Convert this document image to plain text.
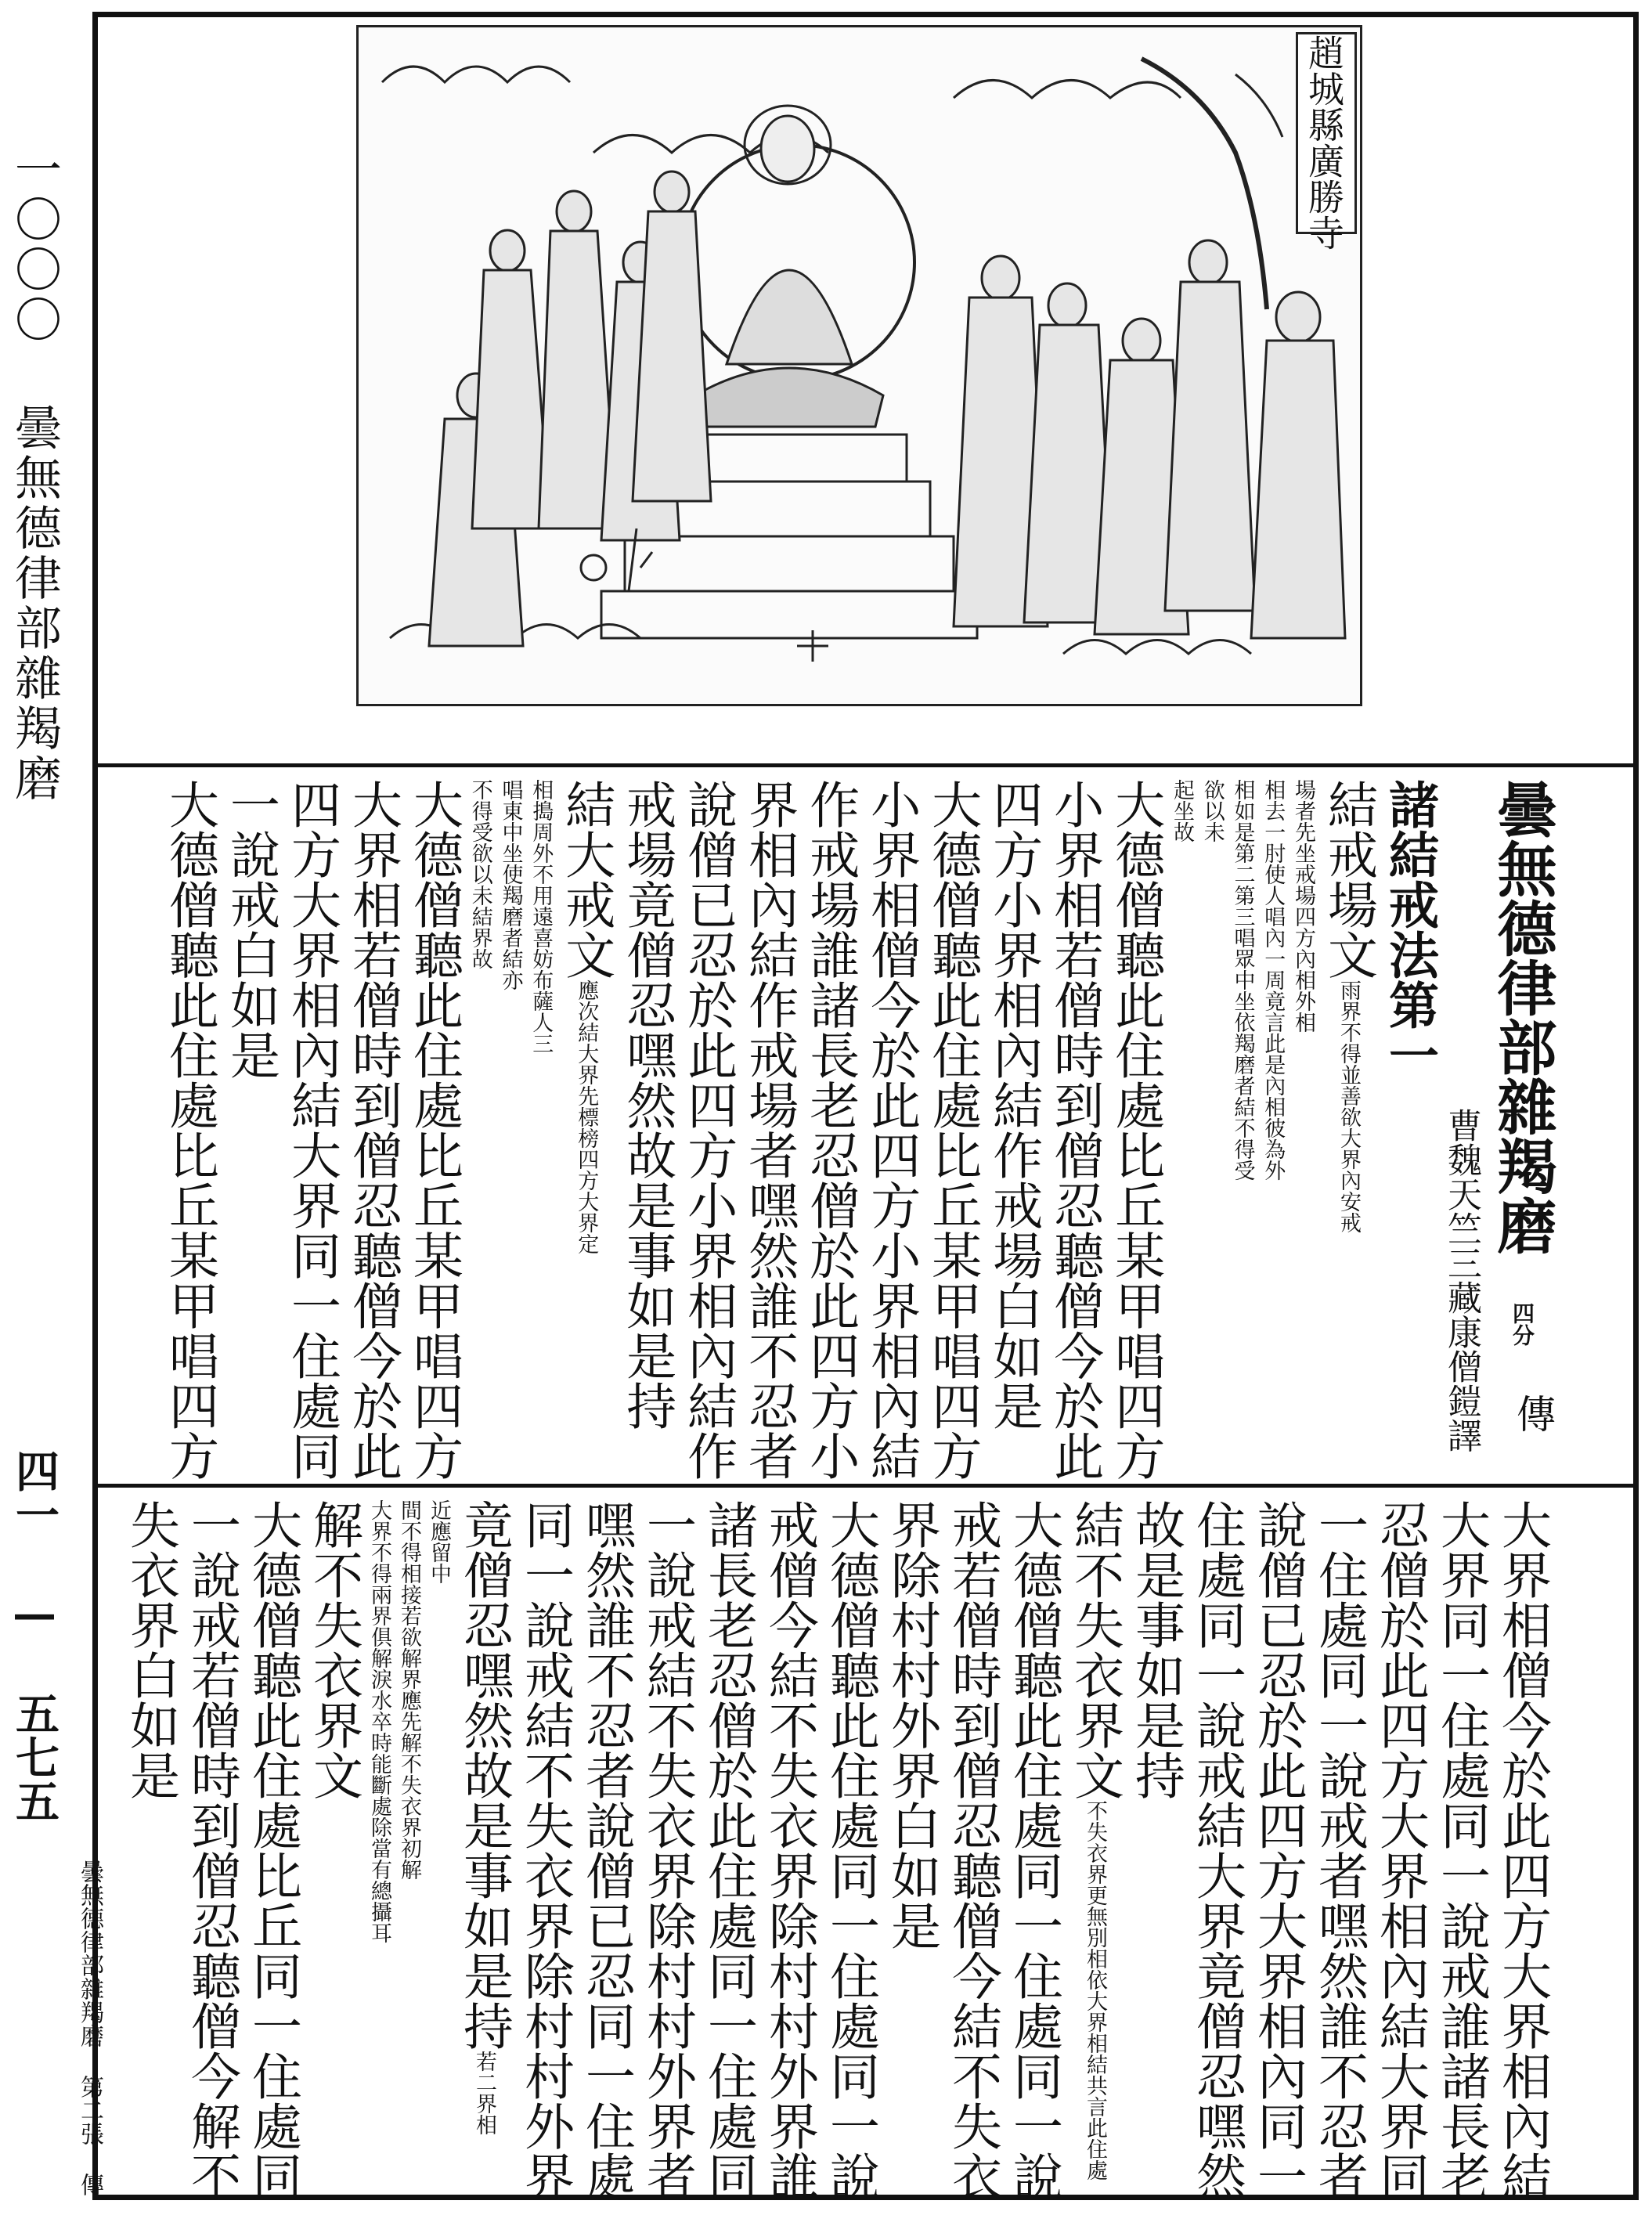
一〇〇〇 曇無德律部雜羯磨
四一 — 五七五
趙城縣廣勝寺
曇無德律部雜羯磨四分
曹魏天竺三藏康僧鎧譯
諸結戒法第一
結戒場文雨界不得並善欲大界內安戒
場者先坐戒場四方內相外相
相去一肘使人唱內一周竟言此是內相彼為外
相如是第二第三唱眾中坐依羯磨者結不得受
欲以未
起坐故
大德僧聽此住處比丘某甲唱四方
小界相若僧時到僧忍聽僧今於此
四方小界相內結作戒場白如是
大德僧聽此住處比丘某甲唱四方
小界相僧今於此四方小界相內結
作戒場誰諸長老忍僧於此四方小
界相內結作戒場者嘿然誰不忍者
說僧已忍於此四方小界相內結作
戒場竟僧忍嘿然故是事如是持
結大戒文應次結大界先標榜四方大界定
相搗周外不用遠喜妨布薩人三
唱東中坐使羯磨者結亦
不得受欲以未結界故
大德僧聽此住處比丘某甲唱四方
大界相若僧時到僧忍聽僧今於此
四方大界相內結大界同一住處同
一說戒白如是
大德僧聽此住處比丘某甲唱四方	傳
大界相僧今於此四方大界相內結
大界同一住處同一說戒誰諸長老
忍僧於此四方大界相內結大界同
一住處同一說戒者嘿然誰不忍者
說僧已忍於此四方大界相內同一
住處同一說戒結大界竟僧忍嘿然
故是事如是持
結不失衣界文不失衣界更無別相依大界相結共言此住處
大德僧聽此住處同一住處同一說
戒若僧時到僧忍聽僧今結不失衣
界除村村外界白如是
大德僧聽此住處同一住處同一說
戒僧今結不失衣界除村村外界誰
諸長老忍僧於此住處同一住處同
一說戒結不失衣界除村村外界者
嘿然誰不忍者說僧已忍同一住處
同一說戒結不失衣界除村村外界
竟僧忍嘿然故是事如是持若二界相
近應留中
間不得相接若欲解界應先解不失衣界初解
大界不得兩界俱解淚水卒時能斷處除當有總攝耳
解不失衣界文
大德僧聽此住處比丘同一住處同
一說戒若僧時到僧忍聽僧今解不
失衣界白如是
曇無德律部雜羯磨 第二張 傳
